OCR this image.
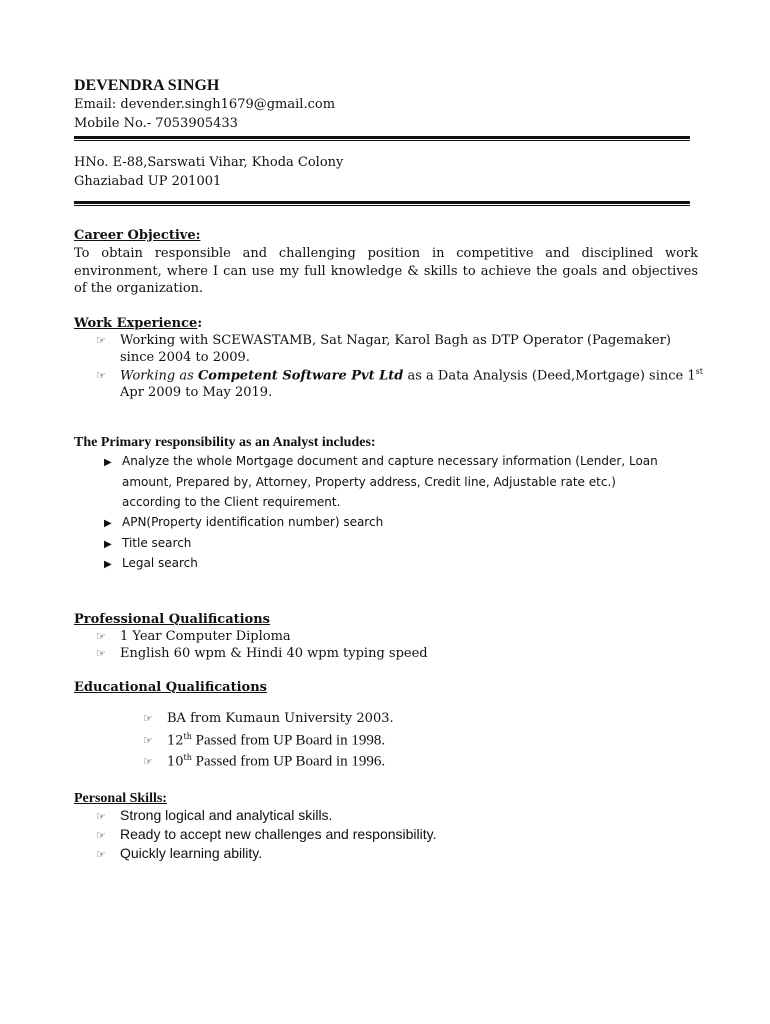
DEVENDRA SINGH
Email: devender.singh1679@gmail.com
Mobile No.- 7053905433
HNo. E-88,Sarswati Vihar, Khoda Colony
Ghaziabad UP 201001
Career Objective:
To obtain responsible and challenging position in competitive and disciplined work environment, where I can use my full knowledge & skills to achieve the goals and objectives of the organization.
Work Experience:
☞ Working with SCEWASTAMB, Sat Nagar, Karol Bagh as DTP Operator (Pagemaker)
since 2004 to 2009.
☞ Working as Competent Software Pvt Ltd as a Data Analysis (Deed,Mortgage) since 1st
Apr 2009 to May 2019.
The Primary responsibility as an Analyst includes:
▶ Analyze the whole Mortgage document and capture necessary information (Lender, Loan
amount, Prepared by, Attorney, Property address, Credit line, Adjustable rate etc.)
according to the Client requirement.
▶ APN(Property identification number) search
▶ Title search
▶ Legal search
Professional Qualifications
☞ 1 Year Computer Diploma
☞ English 60 wpm & Hindi 40 wpm typing speed
Educational Qualifications
☞ BA from Kumaun University 2003.
☞ 12th Passed from UP Board in 1998.
☞ 10th Passed from UP Board in 1996.
Personal Skills:
☞ Strong logical and analytical skills.
☞ Ready to accept new challenges and responsibility.
☞ Quickly learning ability.
